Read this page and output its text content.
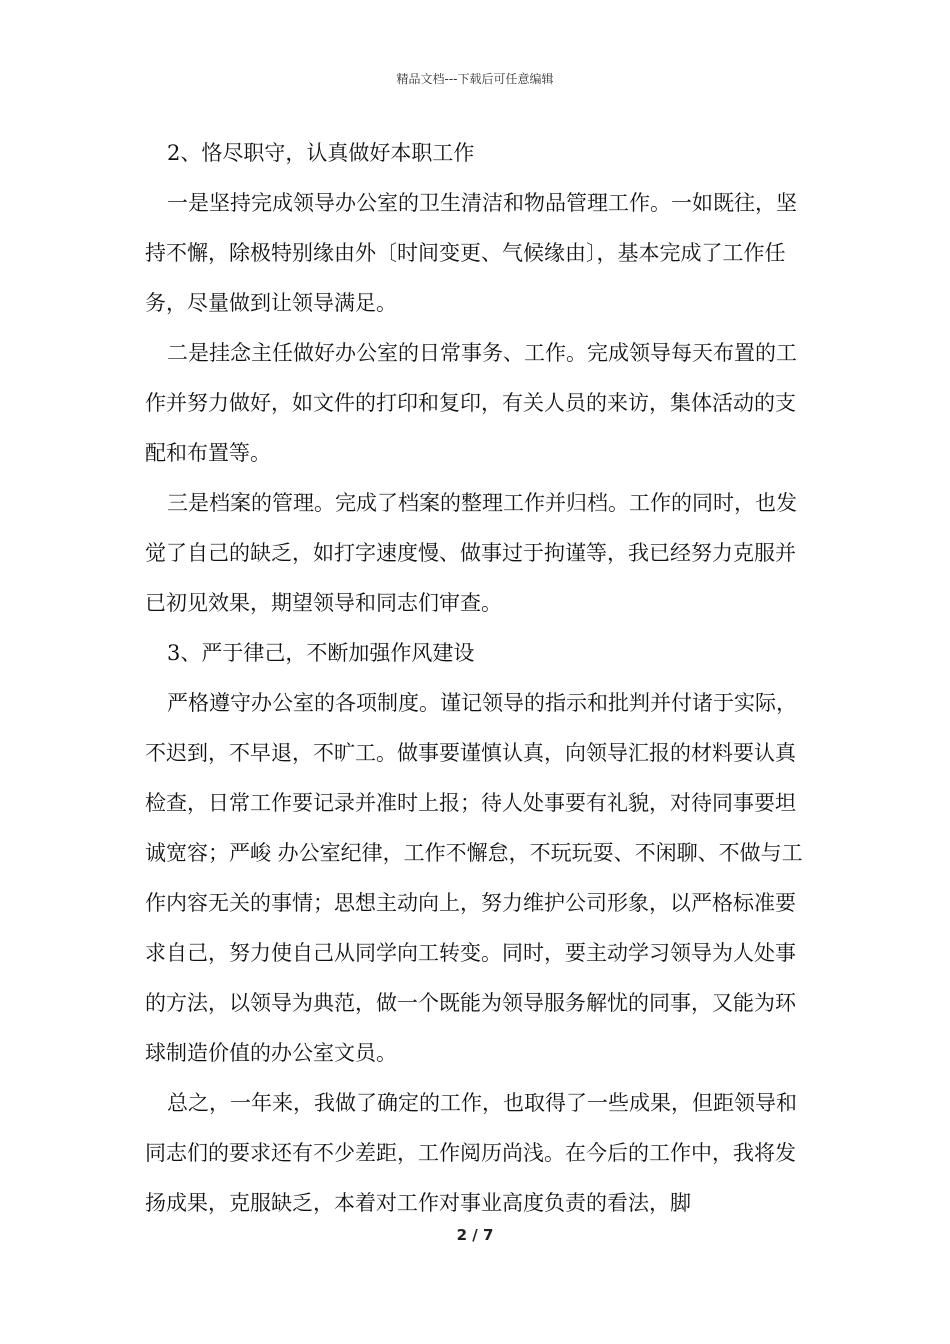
精品文档---下载后可任意编辑

2、恪尽职守，认真做好本职工作

一是坚持完成领导办公室的卫生清洁和物品管理工作。一如既往，坚持不懈，除极特别缘由外〔时间变更、气候缘由〕，基本完成了工作任务，尽量做到让领导满足。

二是挂念主任做好办公室的日常事务、工作。完成领导每天布置的工作并努力做好，如文件的打印和复印，有关人员的来访，集体活动的支配和布置等。

三是档案的管理。完成了档案的整理工作并归档。工作的同时，也发觉了自己的缺乏，如打字速度慢、做事过于拘谨等，我已经努力克服并已初见效果，期望领导和同志们审查。

3、严于律己，不断加强作风建设

严格遵守办公室的各项制度。谨记领导的指示和批判并付诸于实际，不迟到，不早退，不旷工。做事要谨慎认真，向领导汇报的材料要认真检查，日常工作要记录并准时上报；待人处事要有礼貌，对待同事要坦诚宽容；严峻 办公室纪律，工作不懈怠，不玩玩耍、不闲聊、不做与工作内容无关的事情；思想主动向上，努力维护公司形象，以严格标准要求自己，努力使自己从同学向工转变。同时，要主动学习领导为人处事的方法，以领导为典范，做一个既能为领导服务解忧的同事，又能为环球制造价值的办公室文员。

总之，一年来，我做了确定的工作，也取得了一些成果，但距领导和同志们的要求还有不少差距，工作阅历尚浅。在今后的工作中，我将发扬成果，克服缺乏，本着对工作对事业高度负责的看法，脚

2 / 7
